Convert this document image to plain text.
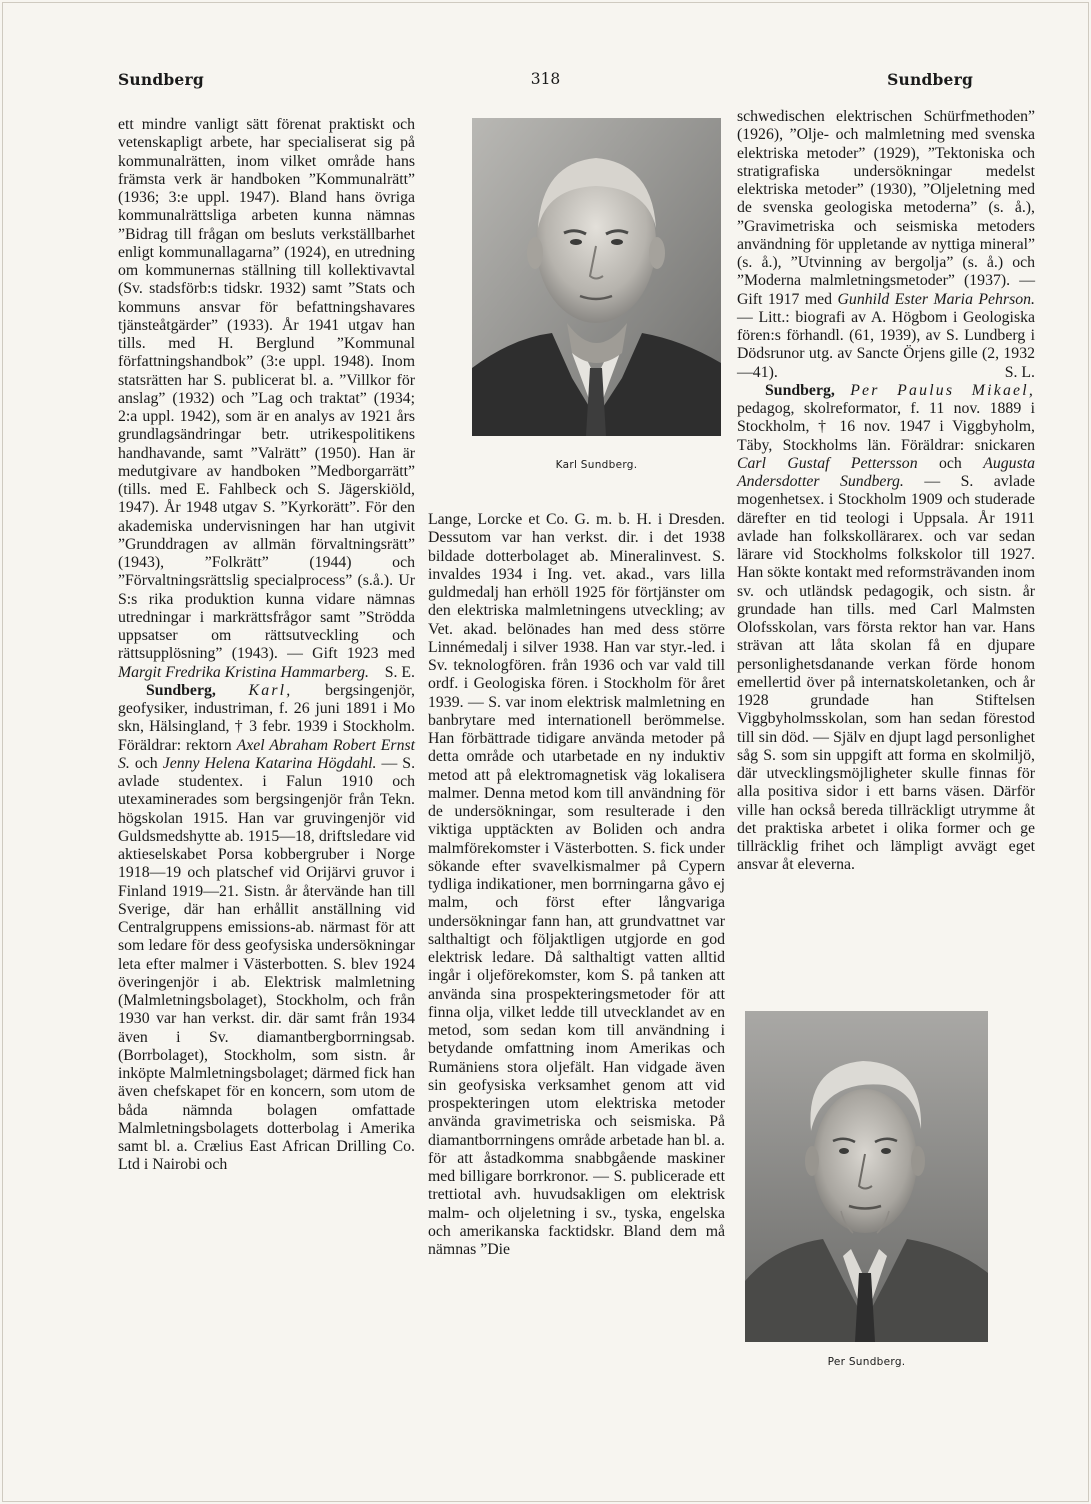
Sundberg	318	Sundberg

ett mindre vanligt sätt förenat praktiskt och vetenskapligt arbete, har specialiserat sig på kommunalrätten, inom vilket område hans främsta verk är handboken ”Kommunalrätt” (1936; 3:e uppl. 1947). Bland hans övriga kommunalrättsliga arbeten kunna nämnas ”Bidrag till frågan om besluts verkställbarhet enligt kommunallagarna” (1924), en utredning om kommunernas ställning till kollektivavtal (Sv. stadsförb:s tidskr. 1932) samt ”Stats och kommuns ansvar för befattningshavares tjänsteåtgärder” (1933). År 1941 utgav han tills. med H. Berglund ”Kommunal författningshandbok” (3:e uppl. 1948). Inom statsrätten har S. publicerat bl. a. ”Villkor för anslag” (1932) och ”Lag och traktat” (1934; 2:a uppl. 1942), som är en analys av 1921 års grundlagsändringar betr. utrikespolitikens handhavande, samt ”Valrätt” (1950). Han är medutgivare av handboken ”Medborgarrätt” (tills. med E. Fahlbeck och S. Jägerskiöld, 1947). År 1948 utgav S. ”Kyrkorätt”. För den akademiska undervisningen har han utgivit ”Grunddragen av allmän förvaltningsrätt” (1943), ”Folkrätt” (1944) och ”Förvaltningsrättslig specialprocess” (s.å.). Ur S:s rika produktion kunna vidare nämnas utredningar i markrättsfrågor samt ”Strödda uppsatser om rättsutveckling och rättsupplösning” (1943). — Gift 1923 med Margit Fredrika Kristina Hammarberg. S. E.

Sundberg, Karl, bergsingenjör, geofysiker, industriman, f. 26 juni 1891 i Mo skn, Hälsingland, † 3 febr. 1939 i Stockholm. Föräldrar: rektorn Axel Abraham Robert Ernst S. och Jenny Helena Katarina Högdahl. — S. avlade studentex. i Falun 1910 och utexaminerades som bergsingenjör från Tekn. högskolan 1915. Han var gruvingenjör vid Guldsmedshytte ab. 1915—18, driftsledare vid aktieselskabet Porsa kobbergruber i Norge 1918—19 och platschef vid Orijärvi gruvor i Finland 1919—21. Sistn. år återvände han till Sverige, där han erhållit anställning vid Centralgruppens emissions-ab. närmast för att som ledare för dess geofysiska undersökningar leta efter malmer i Västerbotten. S. blev 1924 överingenjör i ab. Elektrisk malmletning (Malmletningsbolaget), Stockholm, och från 1930 var han verkst. dir. där samt från 1934 även i Sv. diamantbergborrningsab. (Borrbolaget), Stockholm, som sistn. år inköpte Malmletningsbolaget; därmed fick han även chefskapet för en koncern, som utom de båda nämnda bolagen omfattade Malmletningsbolagets dotterbolag i Amerika samt bl. a. Crælius East African Drilling Co. Ltd i Nairobi och

Karl Sundberg.

Lange, Lorcke et Co. G. m. b. H. i Dresden. Dessutom var han verkst. dir. i det 1938 bildade dotterbolaget ab. Mineralinvest. S. invaldes 1934 i Ing. vet. akad., vars lilla guldmedalj han erhöll 1925 för förtjänster om den elektriska malmletningens utveckling; av Vet. akad. belönades han med dess större Linnémedalj i silver 1938. Han var styr.-led. i Sv. teknologfören. från 1936 och var vald till ordf. i Geologiska fören. i Stockholm för året 1939. — S. var inom elektrisk malmletning en banbrytare med internationell berömmelse. Han förbättrade tidigare använda metoder på detta område och utarbetade en ny induktiv metod att på elektromagnetisk väg lokalisera malmer. Denna metod kom till användning för de undersökningar, som resulterade i den viktiga upptäckten av Boliden och andra malmförekomster i Västerbotten. S. fick under sökande efter svavelkismalmer på Cypern tydliga indikationer, men borrningarna gåvo ej malm, och först efter långvariga undersökningar fann han, att grundvattnet var salthaltigt och följaktligen utgjorde en god elektrisk ledare. Då salthaltigt vatten alltid ingår i oljeförekomster, kom S. på tanken att använda sina prospekteringsmetoder för att finna olja, vilket ledde till utvecklandet av en metod, som sedan kom till användning i betydande omfattning inom Amerikas och Rumäniens stora oljefält. Han vidgade även sin geofysiska verksamhet genom att vid prospekteringen utom elektriska metoder använda gravimetriska och seismiska. På diamantborrningens område arbetade han bl. a. för att åstadkomma snabbgående maskiner med billigare borrkronor. — S. publicerade ett trettiotal avh. huvudsakligen om elektrisk malm- och oljeletning i sv., tyska, engelska och amerikanska facktidskr. Bland dem må nämnas ”Die

schwedischen elektrischen Schürfmethoden” (1926), ”Olje- och malmletning med svenska elektriska metoder” (1929), ”Tektoniska och stratigrafiska undersökningar medelst elektriska metoder” (1930), ”Oljeletning med de svenska geologiska metoderna” (s. å.), ”Gravimetriska och seismiska metoders användning för uppletande av nyttiga mineral” (s. å.), ”Utvinning av bergolja” (s. å.) och ”Moderna malmletningsmetoder” (1937). — Gift 1917 med Gunhild Ester Maria Pehrson. — Litt.: biografi av A. Högbom i Geologiska fören:s förhandl. (61, 1939), av S. Lundberg i Dödsrunor utg. av Sancte Örjens gille (2, 1932—41).	S. L.

Sundberg, Per Paulus Mikael, pedagog, skolreformator, f. 11 nov. 1889 i Stockholm, † 16 nov. 1947 i Viggbyholm, Täby, Stockholms län. Föräldrar: snickaren Carl Gustaf Pettersson och Augusta Andersdotter Sundberg. — S. avlade mogenhetsex. i Stockholm 1909 och studerade därefter en tid teologi i Uppsala. År 1911 avlade han folkskollärarex. och var sedan lärare vid Stockholms folkskolor till 1927. Han sökte kontakt med reformsträvanden inom sv. och utländsk pedagogik, och sistn. år grundade han tills. med Carl Malmsten Olofsskolan, vars första rektor han var. Hans strävan att låta skolan få en djupare personlighetsdanande verkan förde honom emellertid över på internatskoletanken, och år 1928 grundade han Stiftelsen Viggbyholmsskolan, som han sedan förestod till sin död. — Själv en djupt lagd personlighet såg S. som sin uppgift att forma en skolmiljö, där utvecklingsmöjligheter skulle finnas för alla positiva sidor i ett barns väsen. Därför ville han också bereda tillräckligt utrymme åt det praktiska arbetet i olika former och ge tillräcklig frihet och lämpligt avvägt eget ansvar åt eleverna.

Per Sundberg.
